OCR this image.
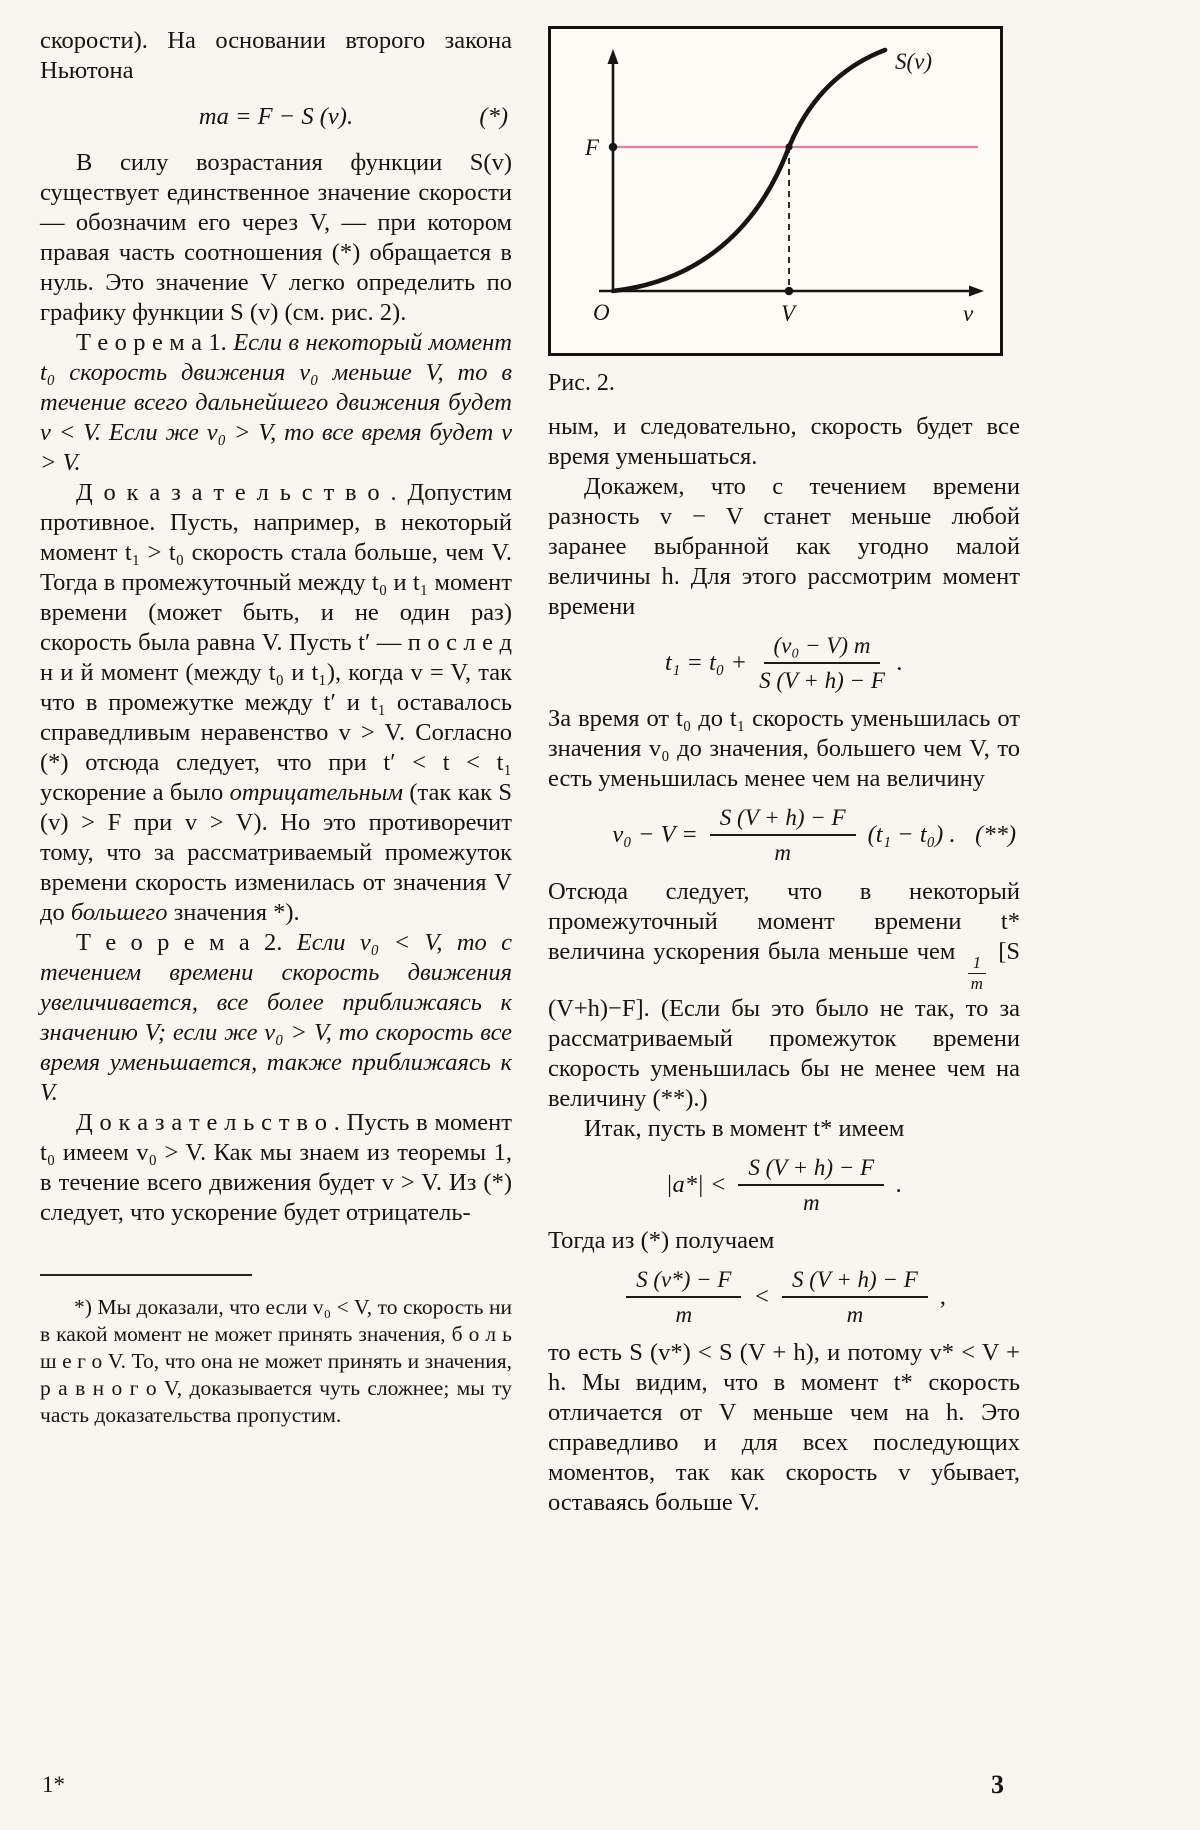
скорости). На основании второго закона Ньютона

ma = F − S (v).	(*)

В силу возрастания функции S(v) существует единственное значение скорости — обозначим его через V, — при котором правая часть соотношения (*) обращается в нуль. Это значение V легко определить по графику функции S (v) (см. рис. 2).

Т е о р е м а 1. Если в некоторый момент t₀ скорость движения v₀ меньше V, то в течение всего дальнейшего движения будет v < V. Если же v₀ > V, то все время будет v > V.

Д о к а з а т е л ь с т в о . Допустим противное. Пусть, например, в некоторый момент t₁ > t₀ скорость стала больше, чем V. Тогда в промежуточный между t₀ и t₁ момент времени (может быть, и не один раз) скорость была равна V. Пусть t′ — п о с л е д н и й момент (между t₀ и t₁), когда v = V, так что в промежутке между t′ и t₁ оставалось справедливым неравенство v > V. Согласно (*) отсюда следует, что при t′ < t < t₁ ускорение a было отрицательным (так как S (v) > F при v > V). Но это противоречит тому, что за рассматриваемый промежуток времени скорость изменилась от значения V до большего значения *).

Т е о р е м а 2. Если v₀ < V, то с течением времени скорость движения увеличивается, все более приближаясь к значению V; если же v₀ > V, то скорость все время уменьшается, также приближаясь к V.

Д о к а з а т е л ь с т в о . Пусть в момент t₀ имеем v₀ > V. Как мы знаем из теоремы 1, в течение всего движения будет v > V. Из (*) следует, что ускорение будет отрицатель-

*) Мы доказали, что если v₀ < V, то скорость ни в какой момент не может принять значения, б о л ь ш е г о V. То, что она не может принять и значения, р а в н о г о V, доказывается чуть сложнее; мы ту часть доказательства пропустим.

S(v)
F
O	V	v

Рис. 2.

ным, и следовательно, скорость будет все время уменьшаться.

Докажем, что с течением времени разность v − V станет меньше любой заранее выбранной как угодно малой величины h. Для этого рассмотрим момент времени

$t_1 = t_0 + \frac{\text{(v₀ − V) m}}{S (V + h) - F}$ .

За время от t₀ до t₁ скорость уменьшилась от значения v₀ до значения, большего чем V, то есть уменьшилась менее чем на величину

$v_0 - V = \frac{S (V + h) - F}{m} (t_1 - t_0)$ . (**)

Отсюда следует, что в некоторый промежуточный момент времени t* величина ускорения была меньше чем
$\frac{1}{m}$
[S (V+h)−F]. (Если бы это было не так, то за рассматриваемый промежуток времени скорость уменьшилась бы не менее чем на величину (**).)

Итак, пусть в момент t* имеем

$|a*| < \frac{S (V + h) - F}{m}$ .

Тогда из (*) получаем

$\frac{S (v*) - F}{m} < \frac{S (V + h) - F}{m}$ ,

то есть S (v*) < S (V + h), и потому v* < V + h. Мы видим, что в момент t* скорость отличается от V меньше чем на h. Это справедливо и для всех последующих моментов, так как скорость v убывает, оставаясь больше V.

1*	3
